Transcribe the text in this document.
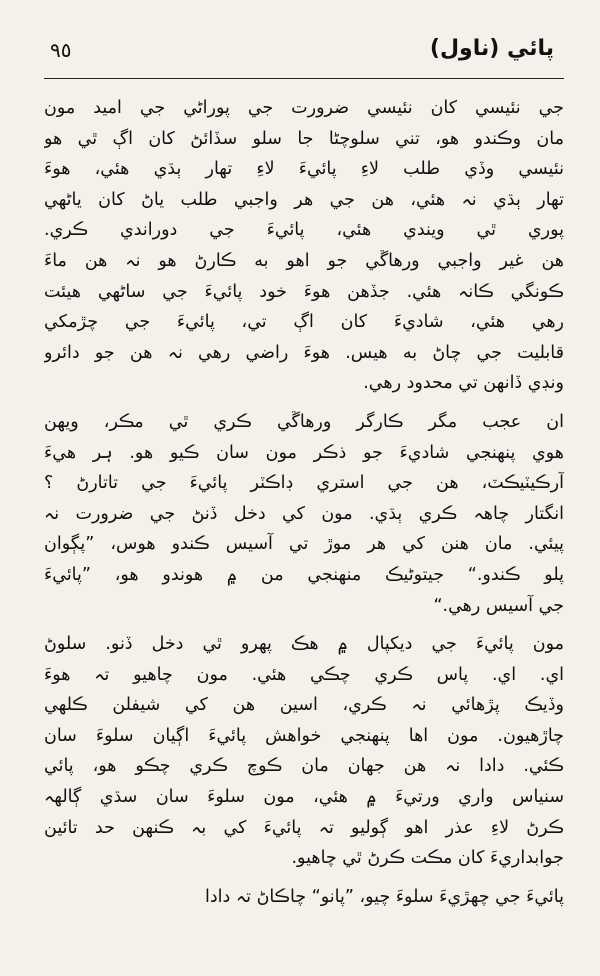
پائي (ناول)
٩٥
جي نئيسي کان نئيسي ضرورت جي پوراڻي جي اميد مون
مان وڪندو هو، تني سلوچڻا جا سلو سڏائڻ کان اڳ ٿي هو
نئيسي وڏي طلب لاءِ پائيءَ لاءِ تهار ٻڌي هئي، هوءَ
تهار ٻڌي نہ هئي، هن جي هر واجبي طلب ياڻ کان ياڻهي
پوري ٿي ويندي هئي، پائيءَ جي دوراندي ڪري.
هن غير واجبي ورهاڱي جو اهو به ڪارڻ هو نہ هن ماءَ
ڪونگي ڪانہ هئي. جڏهن هوءَ خود پائيءَ جي ساڻهي هيئت
رهي هئي، شاديءَ کان اڳ تي، پائيءَ جي چڙمکي
قابليت جي چاڻ به هيس. هوءَ راضي رهي نہ هن جو دائرو
ونڊي ڏانهن تي محدود رهي.
ان عجب مگر ڪارگر ورهاڱي ڪري ٿي مڪر، ويهن
هوي پنهنجي شاديءَ جو ذڪر مون سان ڪيو هو. ہر هيءَ
آرڪيٽيڪٽ، هن جي استري ڊاڪٽر پائيءَ جي تاتارڻ ؟
انگتار چاهہ ڪري ٻڌي. مون کي دخل ڏنڻ جي ضرورت نہ
پيئي. مان هنن کي هر موڙ تي آسيس ڪندو هوس، ”پڳوان
پلو ڪندو.“ جيتوڻيڪ منهنجي من ۾ هوندو هو، ”پائيءَ
جي آسيس رهي.“
مون پائيءَ جي ديکپال ۾ هڪ پهرو ٿي دخل ڏنو. سلوڻ
اي. اي. پاس ڪري چڪي هئي. مون چاهيو تہ هوءَ
وڏيڪ پڙهائي نہ ڪري، اسين هن کي شيفلن ڪلهي
چاڙهيون. مون اها پنهنجي خواهش پائيءَ اڳيان سلوءَ سان
ڪئي. دادا نہ هن جهان مان ڪوچ ڪري چڪو هو، پائي
سنياس واري ورتيءَ ۾ هئي، مون سلوءَ سان سڌي ڳالهہ
ڪرڻ لاءِ عذر اهو ڳوليو تہ پائيءَ کي بہ ڪنهن حد تائين
جوابداريءَ کان مڪت ڪرڻ ٿي چاهيو.
پائيءَ جي چهڙيءَ سلوءَ چيو، ”پانو“ چاڪاڻ تہ دادا
